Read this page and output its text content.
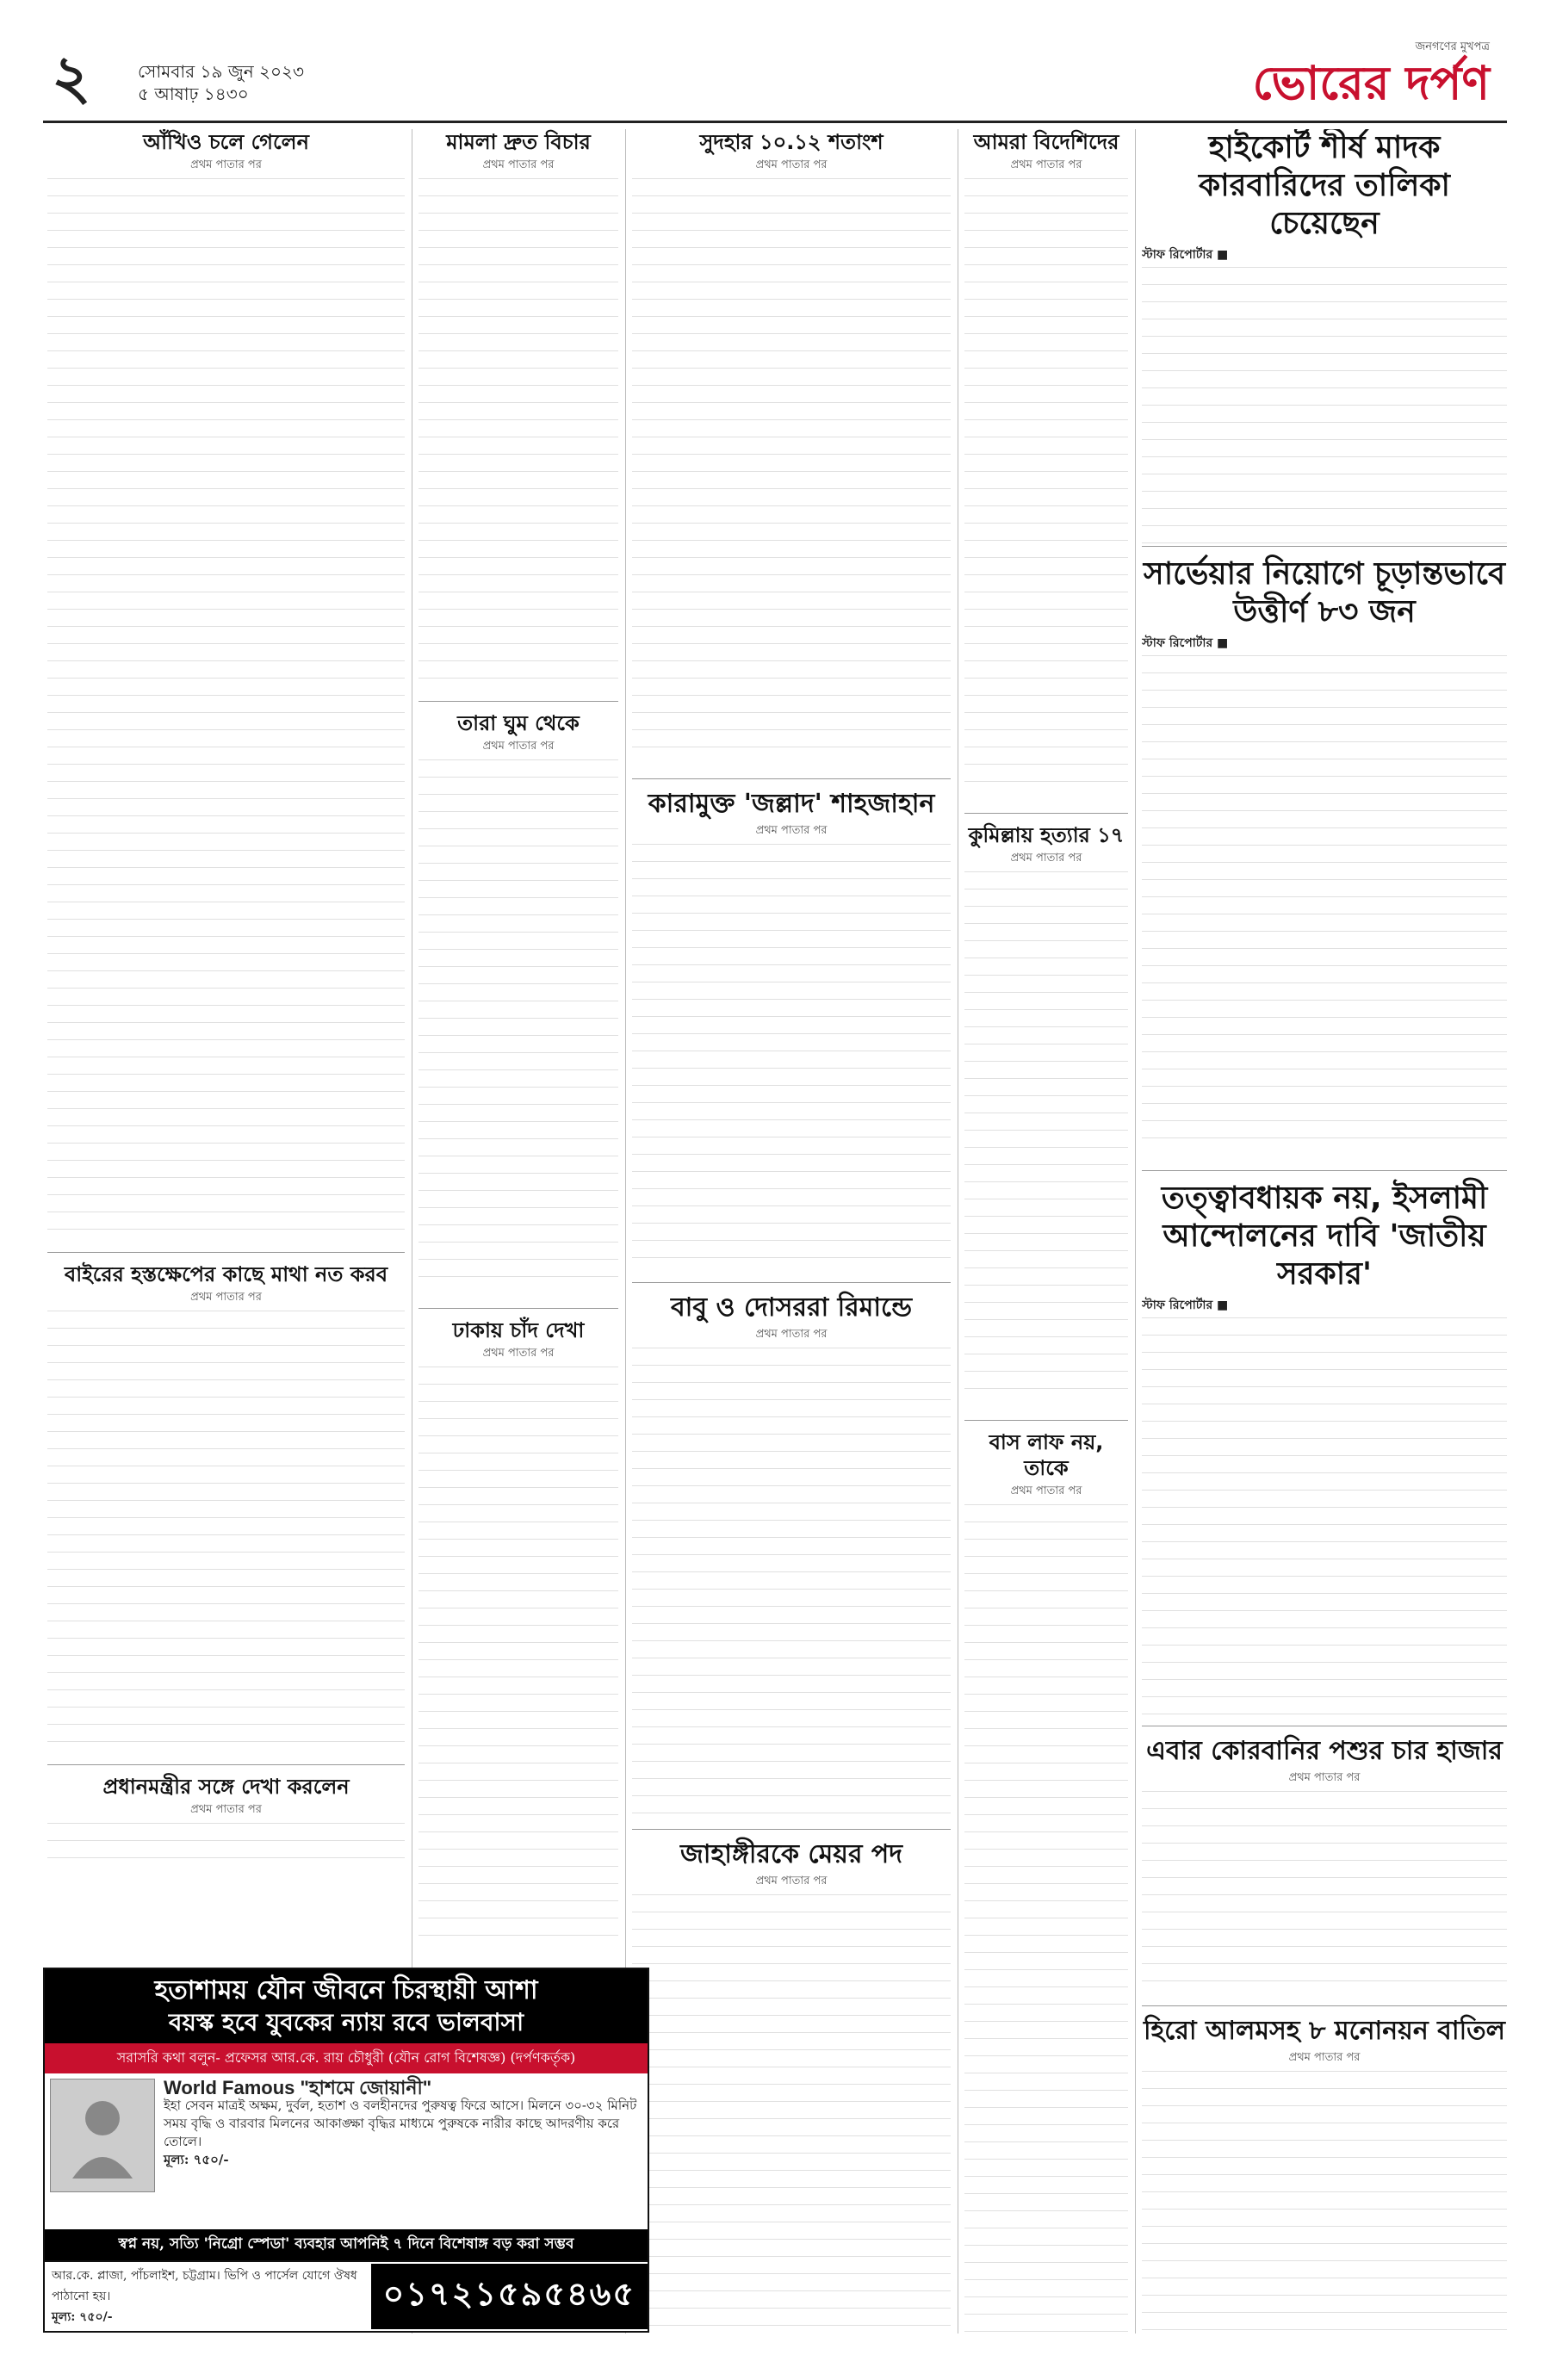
২	সোমবার ১৯ জুন ২০২৩
৫ আষাঢ় ১৪৩০
জনগণের মুখপত্র
ভোরের দর্পণ
আঁখিও চলে গেলেন
প্রথম পাতার পর
বাইরের হস্তক্ষেপের কাছে মাথা নত করব
প্রথম পাতার পর
প্রধানমন্ত্রীর সঙ্গে দেখা করলেন
প্রথম পাতার পর
মামলা দ্রুত বিচার
প্রথম পাতার পর
তারা ঘুম থেকে
প্রথম পাতার পর
ঢাকায় চাঁদ দেখা
প্রথম পাতার পর
সুদহার ১০.১২ শতাংশ
প্রথম পাতার পর
কারামুক্ত 'জল্লাদ' শাহজাহান
প্রথম পাতার পর
বাবু ও দোসররা রিমান্ডে
প্রথম পাতার পর
জাহাঙ্গীরকে মেয়র পদ
প্রথম পাতার পর
আমরা বিদেশিদের
প্রথম পাতার পর
কুমিল্লায় হত্যার ১৭
প্রথম পাতার পর
বাস লাফ নয়, তাকে
প্রথম পাতার পর
হাইকোর্ট শীর্ষ মাদক কারবারিদের তালিকা চেয়েছেন
স্টাফ রিপোর্টার ■
সার্ভেয়ার নিয়োগে চূড়ান্তভাবে উত্তীর্ণ ৮৩ জন
স্টাফ রিপোর্টার ■
তত্ত্বাবধায়ক নয়, ইসলামী আন্দোলনের দাবি 'জাতীয় সরকার'
স্টাফ রিপোর্টার ■
এবার কোরবানির পশুর চার হাজার
প্রথম পাতার পর
হিরো আলমসহ ৮ মনোনয়ন বাতিল
প্রথম পাতার পর
হতাশাময় যৌন জীবনে চিরস্থায়ী আশা
বয়স্ক হবে যুবকের ন্যায় রবে ভালবাসা
সরাসরি কথা বলুন- প্রফেসর আর.কে. রায় চৌধুরী (যৌন রোগ বিশেষজ্ঞ) (দর্পণকর্তৃক)
World Famous "হাশমে জোয়ানী"
ইহা সেবন মাত্রই অক্ষম, দুর্বল, হতাশ ও বলহীনদের পুরুষত্ব ফিরে আসে। মিলনে ৩০-৩২ মিনিট সময় বৃদ্ধি ও বারবার মিলনের আকাঙ্ক্ষা বৃদ্ধির মাধ্যমে পুরুষকে নারীর কাছে আদরণীয় করে তোলে।
মূল্য: ৭৫০/-
স্বপ্ন নয়, সত্যি 'নিগ্রো স্পেডা' ব্যবহার আপনিই ৭ দিনে বিশেষাঙ্গ বড় করা সম্ভব
আর.কে. প্লাজা, পাঁচলাইশ, চট্টগ্রাম। ভিপি ও পার্সেল যোগে ঔষধ পাঠানো হয়।
মূল্য: ৭৫০/-
০১৭২১৫৯৫৪৬৫
